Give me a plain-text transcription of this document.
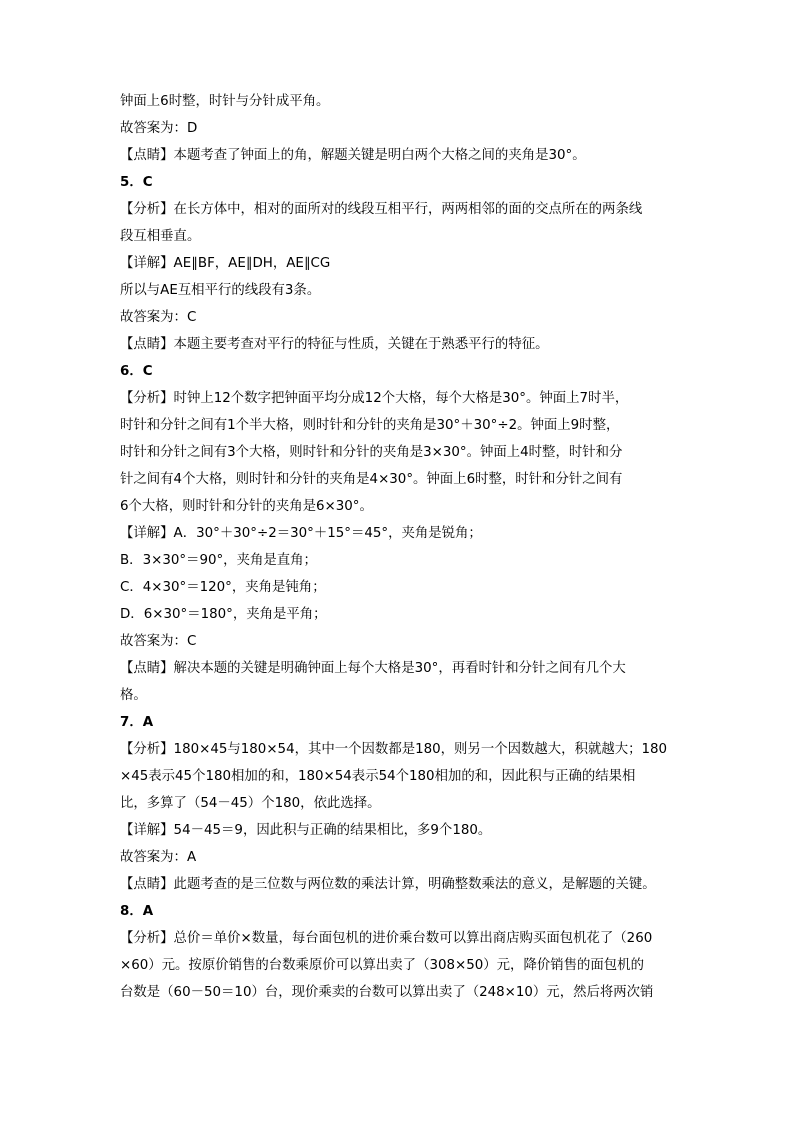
钟面上6时整，时针与分针成平角。
故答案为：D
【点睛】本题考查了钟面上的角，解题关键是明白两个大格之间的夹角是30°。
5．C
【分析】在长方体中，相对的面所对的线段互相平行，两两相邻的面的交点所在的两条线
段互相垂直。
【详解】AE∥BF，AE∥DH，AE∥CG
所以与AE互相平行的线段有3条。
故答案为：C
【点睛】本题主要考查对平行的特征与性质，关键在于熟悉平行的特征。
6．C
【分析】时钟上12个数字把钟面平均分成12个大格，每个大格是30°。钟面上7时半，
时针和分针之间有1个半大格，则时针和分针的夹角是30°＋30°÷2。钟面上9时整，
时针和分针之间有3个大格，则时针和分针的夹角是3×30°。钟面上4时整，时针和分
针之间有4个大格，则时针和分针的夹角是4×30°。钟面上6时整，时针和分针之间有
6个大格，则时针和分针的夹角是6×30°。
【详解】A．30°＋30°÷2＝30°＋15°＝45°，夹角是锐角；
B．3×30°＝90°，夹角是直角；
C．4×30°＝120°，夹角是钝角；
D．6×30°＝180°，夹角是平角；
故答案为：C
【点睛】解决本题的关键是明确钟面上每个大格是30°，再看时针和分针之间有几个大
格。
7．A
【分析】180×45与180×54，其中一个因数都是180，则另一个因数越大，积就越大；180
×45表示45个180相加的和，180×54表示54个180相加的和，因此积与正确的结果相
比，多算了（54－45）个180，依此选择。
【详解】54－45＝9，因此积与正确的结果相比，多9个180。
故答案为：A
【点睛】此题考查的是三位数与两位数的乘法计算，明确整数乘法的意义，是解题的关键。
8．A
【分析】总价＝单价×数量，每台面包机的进价乘台数可以算出商店购买面包机花了（260
×60）元。按原价销售的台数乘原价可以算出卖了（308×50）元，降价销售的面包机的
台数是（60－50＝10）台，现价乘卖的台数可以算出卖了（248×10）元，然后将两次销
